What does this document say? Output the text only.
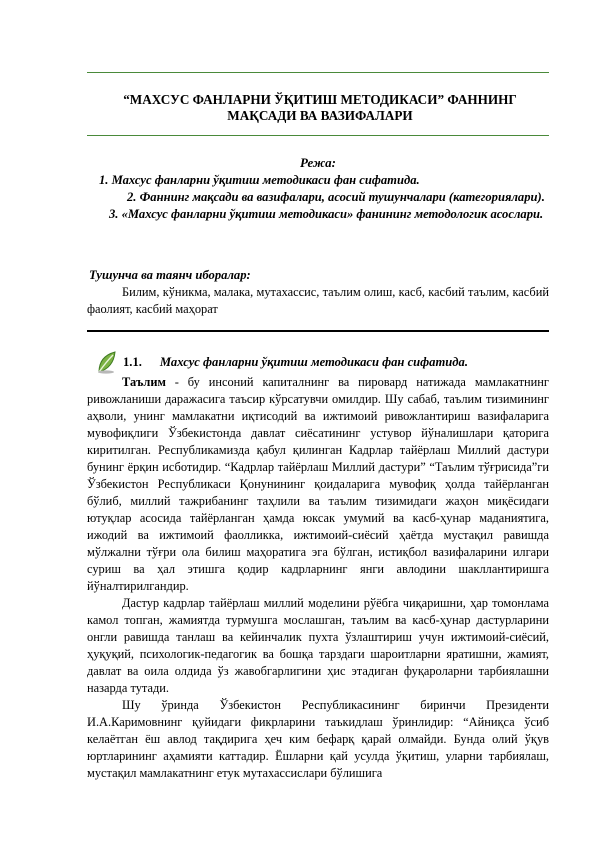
“МАХСУС ФАНЛАРНИ ЎҚИТИШ МЕТОДИКАСИ” ФАННИНГ МАҚСАДИ ВА ВАЗИФАЛАРИ
Режа:

1. Махсус фанларни ўқитиш методикаси фан сифатида.

2. Фаннинг мақсади ва вазифалари, асосий тушунчалари (категориялари).

3. «Махсус фанларни ўқитиш методикаси» фанининг методологик асослари.

Тушунча ва таянч иборалар:
Билим, кўникма, малака, мутахассис, таълим олиш, касб, касбий таълим, касбий фаолият, касбий маҳорат
1.1. Махсус фанларни ўқитиш методикаси фан сифатида.

Таълим - бу инсоний капиталнинг ва пировард натижада мамлакатнинг ривожланиши даражасига таъсир кўрсатувчи омилдир. Шу сабаб, таълим тизимининг аҳволи, унинг мамлакатни иқтисодий ва ижтимоий ривожлантириш вазифаларига мувофиқлиги Ўзбекистонда давлат сиёсатининг устувор йўналишлари қаторига киритилган. Республикамизда қабул қилинган Кадрлар тайёрлаш Миллий дастури бунинг ёрқин исботидир. “Кадрлар тайёрлаш Миллий дастури” “Таълим тўғрисида”ги Ўзбекистон Республикаси Қонунининг қоидаларига мувофиқ ҳолда тайёрланган бўлиб, миллий тажрибанинг таҳлили ва таълим тизимидаги жаҳон миқёсидаги ютуқлар асосида тайёрланган ҳамда юксак умумий ва касб-ҳунар маданиятига, ижодий ва ижтимоий фаолликка, ижтимоий-сиёсий ҳаётда мустақил равишда мўлжални тўғри ола билиш маҳоратига эга бўлган, истиқбол вазифаларини илгари суриш ва ҳал этишга қодир кадрларнинг янги авлодини шакллантиришга йўналтирилгандир.

Дастур кадрлар тайёрлаш миллий моделини рўёбга чиқаришни, ҳар томонлама камол топган, жамиятда турмушга мослашган, таълим ва касб-ҳунар дастурларини онгли равишда танлаш ва кейинчалик пухта ўзлаштириш учун ижтимоий-сиёсий, ҳуқуқий, психологик-педагогик ва бошқа тарздаги шароитларни яратишни, жамият, давлат ва оила олдида ўз жавобгарлигини ҳис этадиган фуқароларни тарбиялашни назарда тутади.

Шу ўринда Ўзбекистон Республикасининг биринчи Президенти И.А.Каримовнинг қуйидаги фикрларини таъкидлаш ўринлидир: “Айниқса ўсиб келаётган ёш авлод тақдирига ҳеч ким бефарқ қарай олмайди. Бунда олий ўқув юртларининг аҳамияти каттадир. Ёшларни қай усулда ўқитиш, уларни тарбиялаш, мустақил мамлакатнинг етук мутахассислари бўлишига
